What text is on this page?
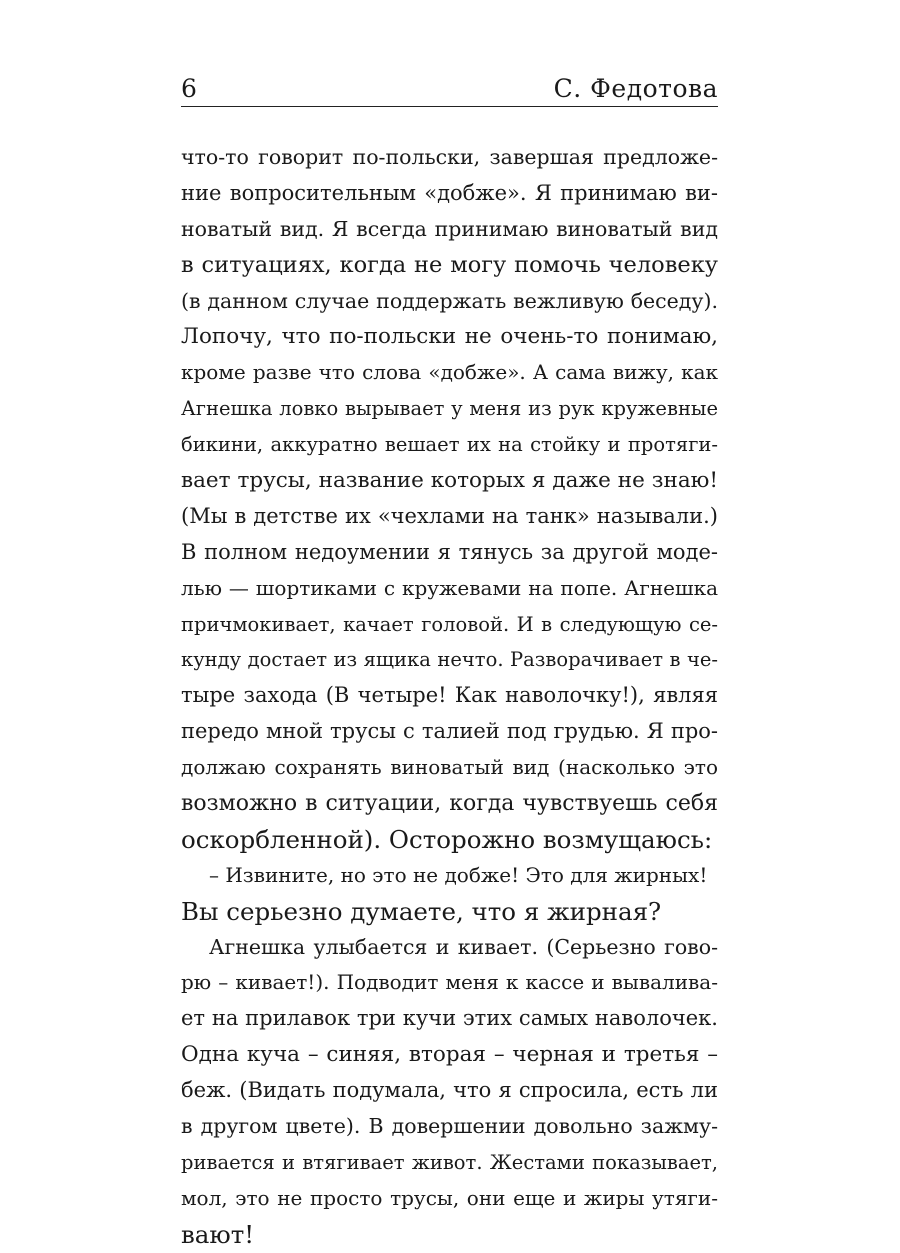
6	С. Федотова
что-то говорит по-польски, завершая предложе-
ние вопросительным «добже». Я принимаю ви-
новатый вид. Я всегда принимаю виноватый вид
в ситуациях, когда не могу помочь человеку
(в данном случае поддержать вежливую беседу).
Лопочу, что по-польски не очень-то понимаю,
кроме разве что слова «добже». А сама вижу, как
Агнешка ловко вырывает у меня из рук кружевные
бикини, аккуратно вешает их на стойку и протяги-
вает трусы, название которых я даже не знаю!
(Мы в детстве их «чехлами на танк» называли.)
В полном недоумении я тянусь за другой моде-
лью — шортиками с кружевами на попе. Агнешка
причмокивает, качает головой. И в следующую се-
кунду достает из ящика нечто. Разворачивает в че-
тыре захода (В четыре! Как наволочку!), являя
передо мной трусы с талией под грудью. Я про-
должаю сохранять виноватый вид (насколько это
возможно в ситуации, когда чувствуешь себя
оскорбленной). Осторожно возмущаюсь:
– Извините, но это не добже! Это для жирных!
Вы серьезно думаете, что я жирная?
Агнешка улыбается и кивает. (Серьезно гово-
рю – кивает!). Подводит меня к кассе и вывалива-
ет на прилавок три кучи этих самых наволочек.
Одна куча – синяя, вторая – черная и третья –
беж. (Видать подумала, что я спросила, есть ли
в другом цвете). В довершении довольно зажму-
ривается и втягивает живот. Жестами показывает,
мол, это не просто трусы, они еще и жиры утяги-
вают!
